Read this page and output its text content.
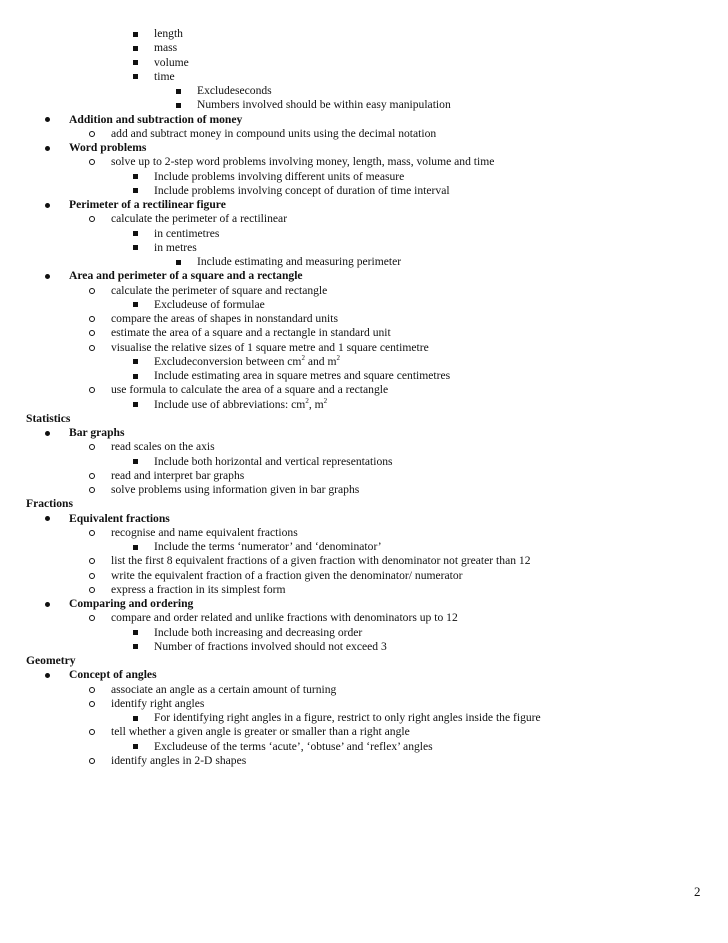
length
mass
volume
time
Excludeseconds
Numbers involved should be within easy manipulation
Addition and subtraction of money
add and subtract money in compound units using the decimal notation
Word problems
solve up to 2-step word problems involving money, length, mass, volume and time
Include problems involving different units of measure
Include problems involving concept of duration of time interval
Perimeter of a rectilinear figure
calculate the perimeter of a rectilinear
in centimetres
in metres
Include estimating and measuring perimeter
Area and perimeter of a square and a rectangle
calculate the perimeter of square and rectangle
Excludeuse of formulae
compare the areas of shapes in nonstandard units
estimate the area of a square and a rectangle in standard unit
visualise the relative sizes of 1 square metre and 1 square centimetre
Excludeconversion between $cm^2$ and $m^2$
Include estimating area in square metres and square centimetres
use formula to calculate the area of a square and a rectangle
Include use of abbreviations: $cm^2$, $m^2$
Statistics
Bar graphs
read scales on the axis
Include both horizontal and vertical representations
read and interpret bar graphs
solve problems using information given in bar graphs
Fractions
Equivalent fractions
recognise and name equivalent fractions
Include the terms ‘numerator’ and ‘denominator’
list the first 8 equivalent fractions of a given fraction with denominator not greater than 12
write the equivalent fraction of a fraction given the denominator/ numerator
express a fraction in its simplest form
Comparing and ordering
compare and order related and unlike fractions with denominators up to 12
Include both increasing and decreasing order
Number of fractions involved should not exceed 3
Geometry
Concept of angles
associate an angle as a certain amount of turning
identify right angles
For identifying right angles in a figure, restrict to only right angles inside the figure
tell whether a given angle is greater or smaller than a right angle
Excludeuse of the terms ‘acute’, ‘obtuse’ and ‘reflex’ angles
identify angles in 2-D shapes
2
